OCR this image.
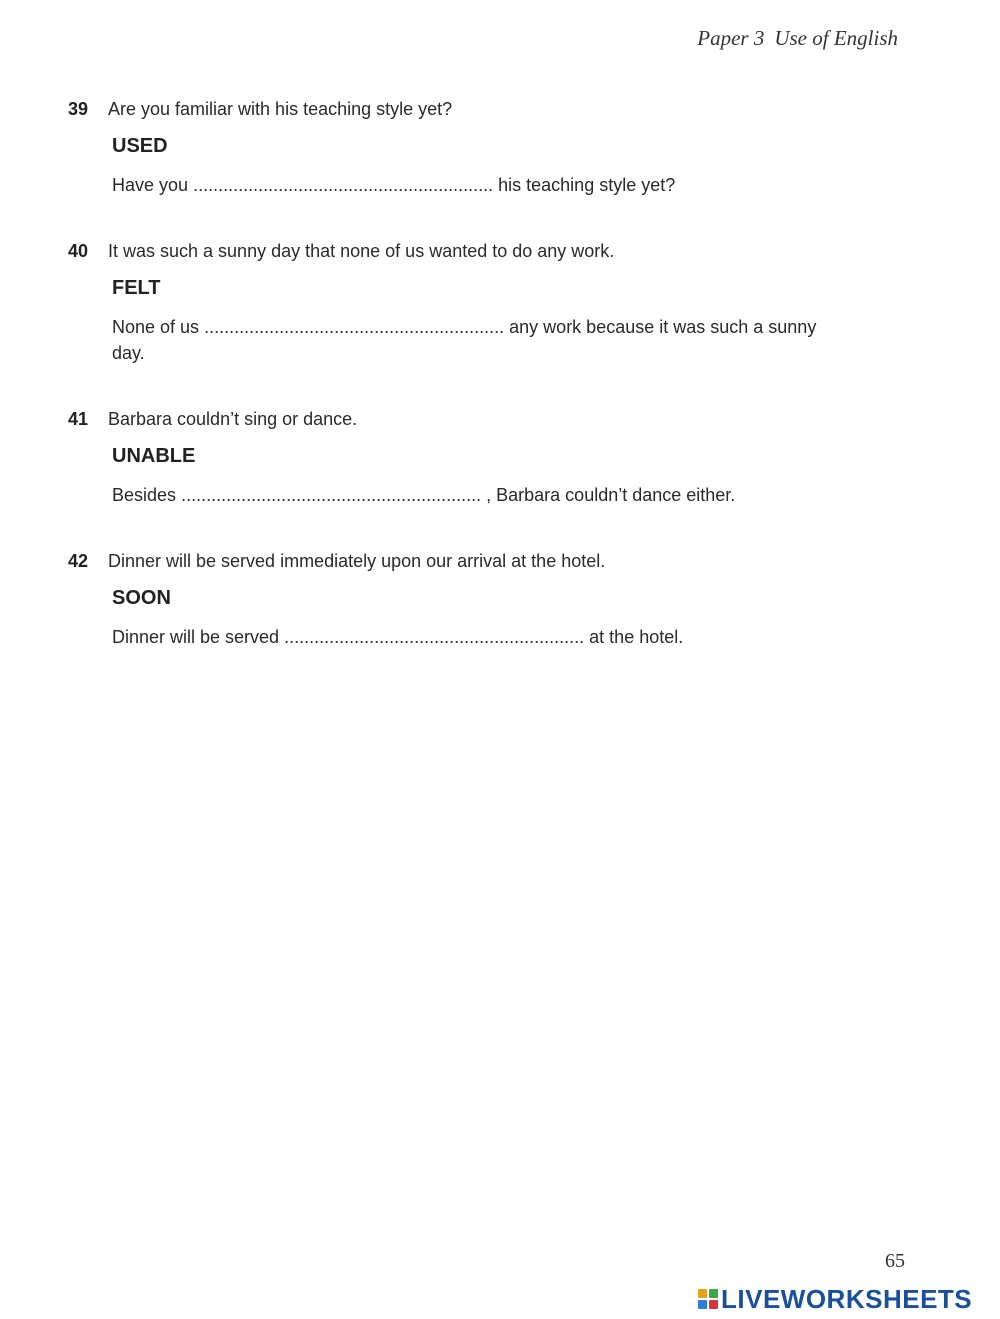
Paper 3 Use of English
39 Are you familiar with his teaching style yet?
USED
Have you ............................................................ his teaching style yet?
40 It was such a sunny day that none of us wanted to do any work.
FELT
None of us ............................................................ any work because it was such a sunny
day.
41 Barbara couldn’t sing or dance.
UNABLE
Besides ............................................................ , Barbara couldn’t dance either.
42 Dinner will be served immediately upon our arrival at the hotel.
SOON
Dinner will be served ............................................................ at the hotel.
65
LIVEWORKSHEETS
